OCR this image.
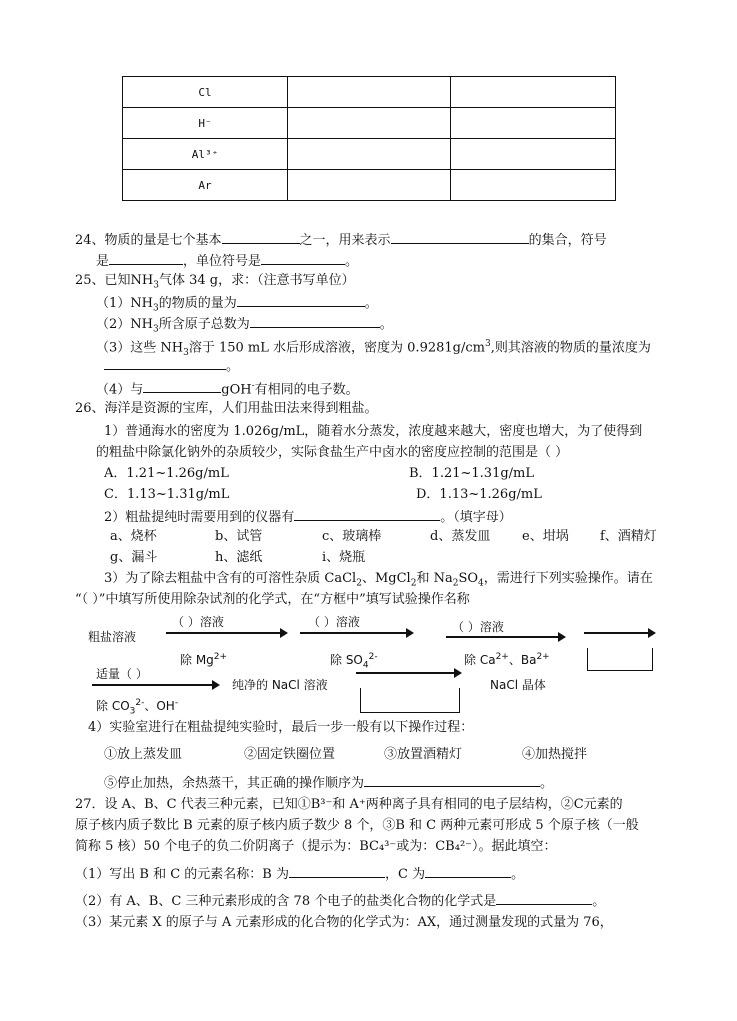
Cl		
H⁻		
Al³⁺		
Ar		
24、物质的量是七个基本	之一，用来表示	的集合，符号
是	，单位符号是	。
25、已知$NH_3$气体 34 g，求：（注意书写单位）
$(1)NH_3$的物质的量为	。
$(2)NH_3$所含原子总数为	。
（3）这些 $NH_3$溶于 150 mL 水后形成溶液，密度为 $0.9281g/cm^3$,则其溶液的物质的量浓度为
。
（4）与	gOH-有相同的电子数。
26、海洋是资源的宝库，人们用盐田法来得到粗盐。
1）普通海水的密度为 1.026g/mL，随着水分蒸发，浓度越来越大，密度也增大，为了使得到
的粗盐中除氯化钠外的杂质较少，实际食盐生产中卤水的密度应控制的范围是（ ）
A．1.21~1.26g/mL	B．1.21~1.31g/mL
C．1.13~1.31g/mL	D．1.13~1.26g/mL
2）粗盐提纯时需要用到的仪器有	。（填字母）
a、烧杯	b、试管	c、玻璃棒	d、蒸发皿 e、坩埚 f、酒精灯
g、漏斗	h、滤纸	i、烧瓶
3）为了除去粗盐中含有的可溶性杂质 CaCl$_2$、MgCl$_2$和 $Na_2SO_4$，需进行下列实验操作。请在
“（ ）”中填写所使用除杂试剂的化学式，在“方框中”填写试验操作名称
粗盐溶液
（ ）溶液
除 $Mg^{2+}$
（ ）溶液
除 $SO_4^{2-}$
（ ）溶液
除 $Ca^{2+}$、$Ba^{2+}$
适量（ ）
除 $CO_3^{2-}$、OH-
纯净的 NaCl 溶液	NaCl 晶体
4）实验室进行在粗盐提纯实验时，最后一步一般有以下操作过程：
①放上蒸发皿	②固定铁圈位置	③放置酒精灯	④加热搅拌
⑤停止加热，余热蒸干，其正确的操作顺序为	。
27．设 A、B、C 代表三种元素，已知①B³⁻和 A⁺两种离子具有相同的电子层结构，②C元素的
原子核内质子数比 B 元素的原子核内质子数少 8 个，③B 和 C 两种元素可形成 5 个原子核（一般
简称 5 核）50 个电子的负二价阴离子（提示为：BC₄³⁻或为：CB₄²⁻）。据此填空：
（1）写出 B 和 C 的元素名称：B 为	，C 为	。
（2）有 A、B、C 三种元素形成的含 78 个电子的盐类化合物的化学式是	。
（3）某元素 X 的原子与 A 元素形成的化合物的化学式为：AX，通过测量发现的式量为 76，
